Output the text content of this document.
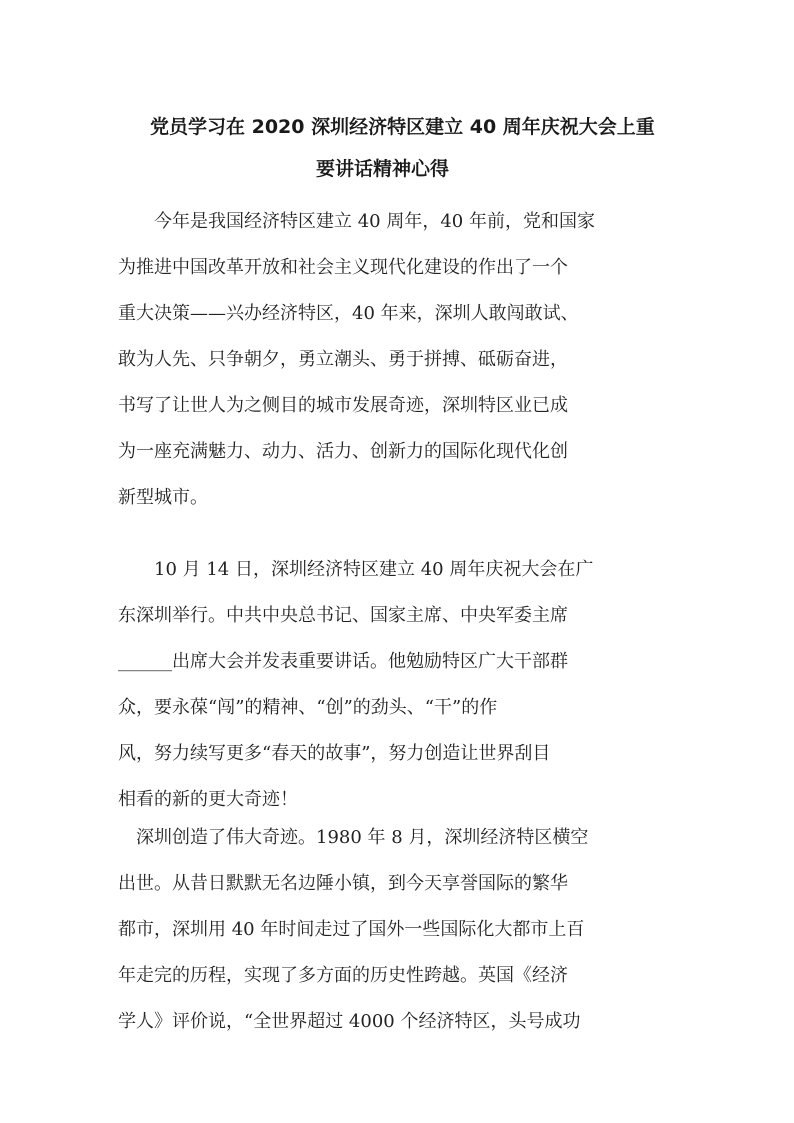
党员学习在 2020 深圳经济特区建立 40 周年庆祝大会上重
要讲话精神心得
　　今年是我国经济特区建立 40 周年，40 年前，党和国家
为推进中国改革开放和社会主义现代化建设的作出了一个
重大决策——兴办经济特区，40 年来，深圳人敢闯敢试、
敢为人先、只争朝夕，勇立潮头、勇于拼搏、砥砺奋进，
书写了让世人为之侧目的城市发展奇迹，深圳特区业已成
为一座充满魅力、动力、活力、创新力的国际化现代化创
新型城市。
　　10 月 14 日，深圳经济特区建立 40 周年庆祝大会在广
东深圳举行。中共中央总书记、国家主席、中央军委主席
______出席大会并发表重要讲话。他勉励特区广大干部群
众，要永葆“闯”的精神、“创”的劲头、“干”的作
风，努力续写更多“春天的故事”，努力创造让世界刮目
相看的新的更大奇迹！
　深圳创造了伟大奇迹。1980 年 8 月，深圳经济特区横空
出世。从昔日默默无名边陲小镇，到今天享誉国际的繁华
都市，深圳用 40 年时间走过了国外一些国际化大都市上百
年走完的历程，实现了多方面的历史性跨越。英国《经济
学人》评价说，“全世界超过 4000 个经济特区，头号成功
